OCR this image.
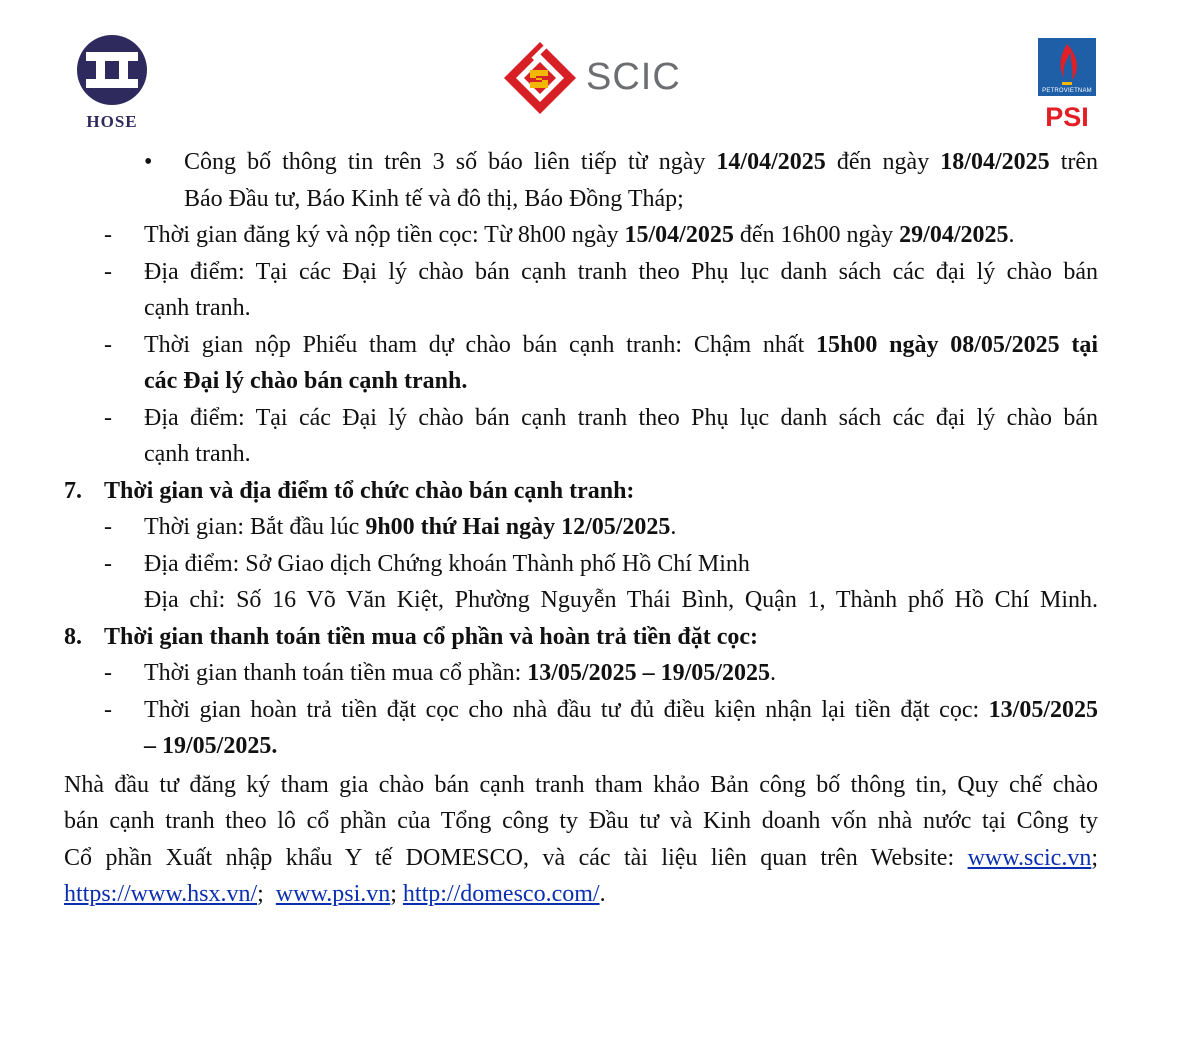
HOSE
SCIC	PETROVIETNAM
PSI
• Công bố thông tin trên 3 số báo liên tiếp từ ngày 14/04/2025 đến ngày 18/04/2025 trên
Báo Đầu tư, Báo Kinh tế và đô thị, Báo Đồng Tháp;
- Thời gian đăng ký và nộp tiền cọc: Từ 8h00 ngày 15/04/2025 đến 16h00 ngày 29/04/2025.
- Địa điểm: Tại các Đại lý chào bán cạnh tranh theo Phụ lục danh sách các đại lý chào bán
cạnh tranh.
- Thời gian nộp Phiếu tham dự chào bán cạnh tranh: Chậm nhất 15h00 ngày 08/05/2025 tại
các Đại lý chào bán cạnh tranh.
- Địa điểm: Tại các Đại lý chào bán cạnh tranh theo Phụ lục danh sách các đại lý chào bán
cạnh tranh.
7. Thời gian và địa điểm tổ chức chào bán cạnh tranh:
- Thời gian: Bắt đầu lúc 9h00 thứ Hai ngày 12/05/2025.
- Địa điểm: Sở Giao dịch Chứng khoán Thành phố Hồ Chí Minh
Địa chỉ: Số 16 Võ Văn Kiệt, Phường Nguyễn Thái Bình, Quận 1, Thành phố Hồ Chí Minh.
8. Thời gian thanh toán tiền mua cổ phần và hoàn trả tiền đặt cọc:
- Thời gian thanh toán tiền mua cổ phần: 13/05/2025 – 19/05/2025.
- Thời gian hoàn trả tiền đặt cọc cho nhà đầu tư đủ điều kiện nhận lại tiền đặt cọc: 13/05/2025
– 19/05/2025.
Nhà đầu tư đăng ký tham gia chào bán cạnh tranh tham khảo Bản công bố thông tin, Quy chế chào
bán cạnh tranh theo lô cổ phần của Tổng công ty Đầu tư và Kinh doanh vốn nhà nước tại Công ty
Cổ phần Xuất nhập khẩu Y tế DOMESCO, và các tài liệu liên quan trên Website: www.scic.vn;
https://www.hsx.vn/;  www.psi.vn; http://domesco.com/.
